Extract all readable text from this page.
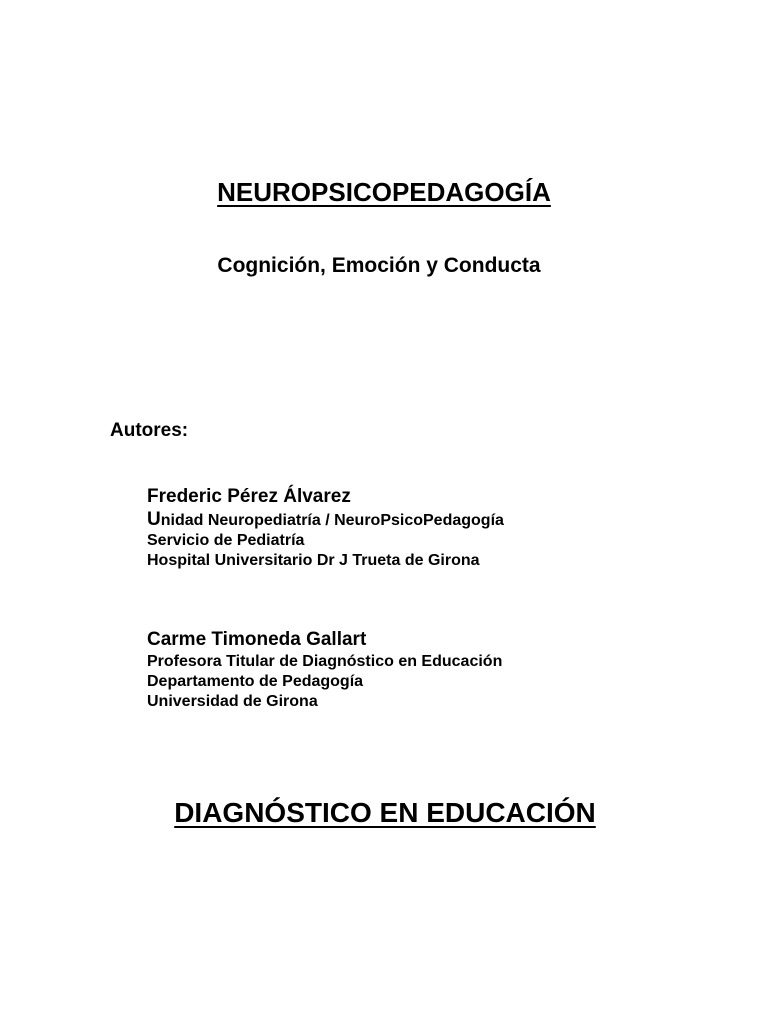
NEUROPSICOPEDAGOGÍA
Cognición, Emoción y Conducta
Autores:
Frederic Pérez Álvarez
Unidad Neuropediatría / NeuroPsicoPedagogía
Servicio de Pediatría
Hospital Universitario Dr J Trueta de Girona
Carme Timoneda Gallart
Profesora Titular de Diagnóstico en Educación
Departamento de Pedagogía
Universidad de Girona
DIAGNÓSTICO EN EDUCACIÓN
